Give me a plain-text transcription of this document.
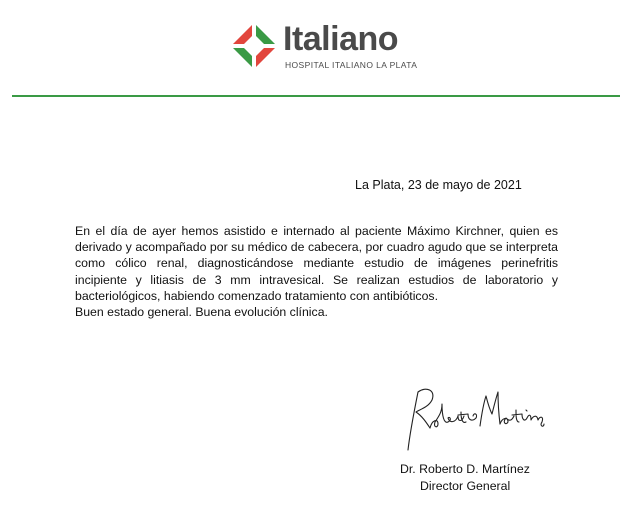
Italiano
HOSPITAL ITALIANO LA PLATA
La Plata, 23 de mayo de 2021

En el día de ayer hemos asistido e internado al paciente Máximo Kirchner, quien es derivado y acompañado por su médico de cabecera, por cuadro agudo que se interpreta como cólico renal, diagnosticándose mediante estudio de imágenes perinefritis incipiente y litiasis de 3 mm intravesical. Se realizan estudios de laboratorio y bacteriológicos, habiendo comenzado tratamiento con antibióticos.

Buen estado general. Buena evolución clínica.

Dr. Roberto D. Martínez
Director General
